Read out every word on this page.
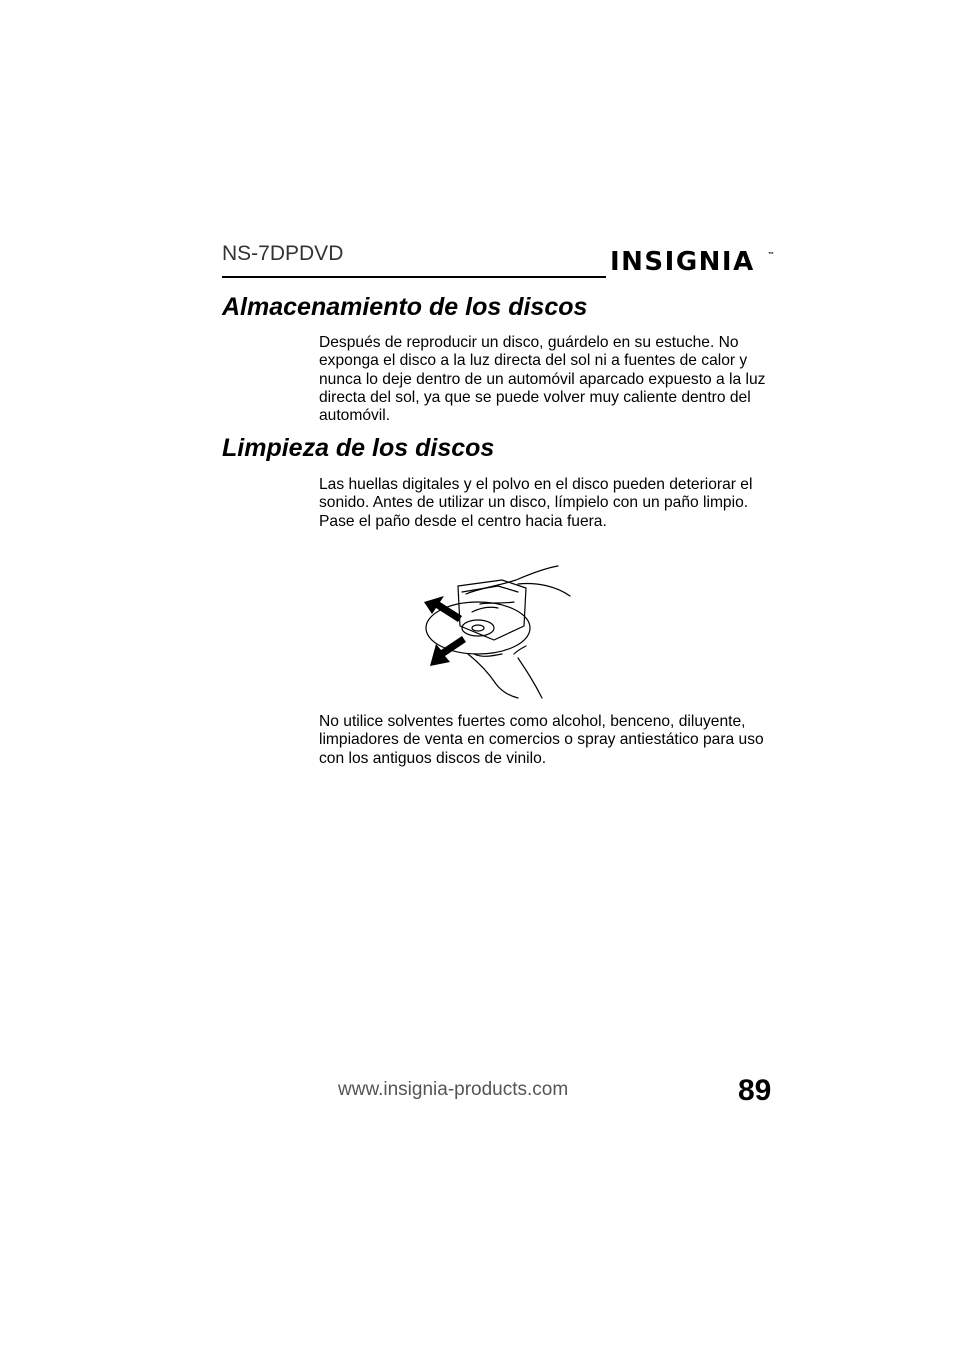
NS-7DPDVD	INSIGNIA ™
Almacenamiento de los discos

Después de reproducir un disco, guárdelo en su estuche. No exponga el disco a la luz directa del sol ni a fuentes de calor y nunca lo deje dentro de un automóvil aparcado expuesto a la luz directa del sol, ya que se puede volver muy caliente dentro del automóvil.

Limpieza de los discos

Las huellas digitales y el polvo en el disco pueden deteriorar el sonido. Antes de utilizar un disco, límpielo con un paño limpio. Pase el paño desde el centro hacia fuera.

No utilice solventes fuertes como alcohol, benceno, diluyente, limpiadores de venta en comercios o spray antiestático para uso con los antiguos discos de vinilo.

www.insignia-products.com	89
